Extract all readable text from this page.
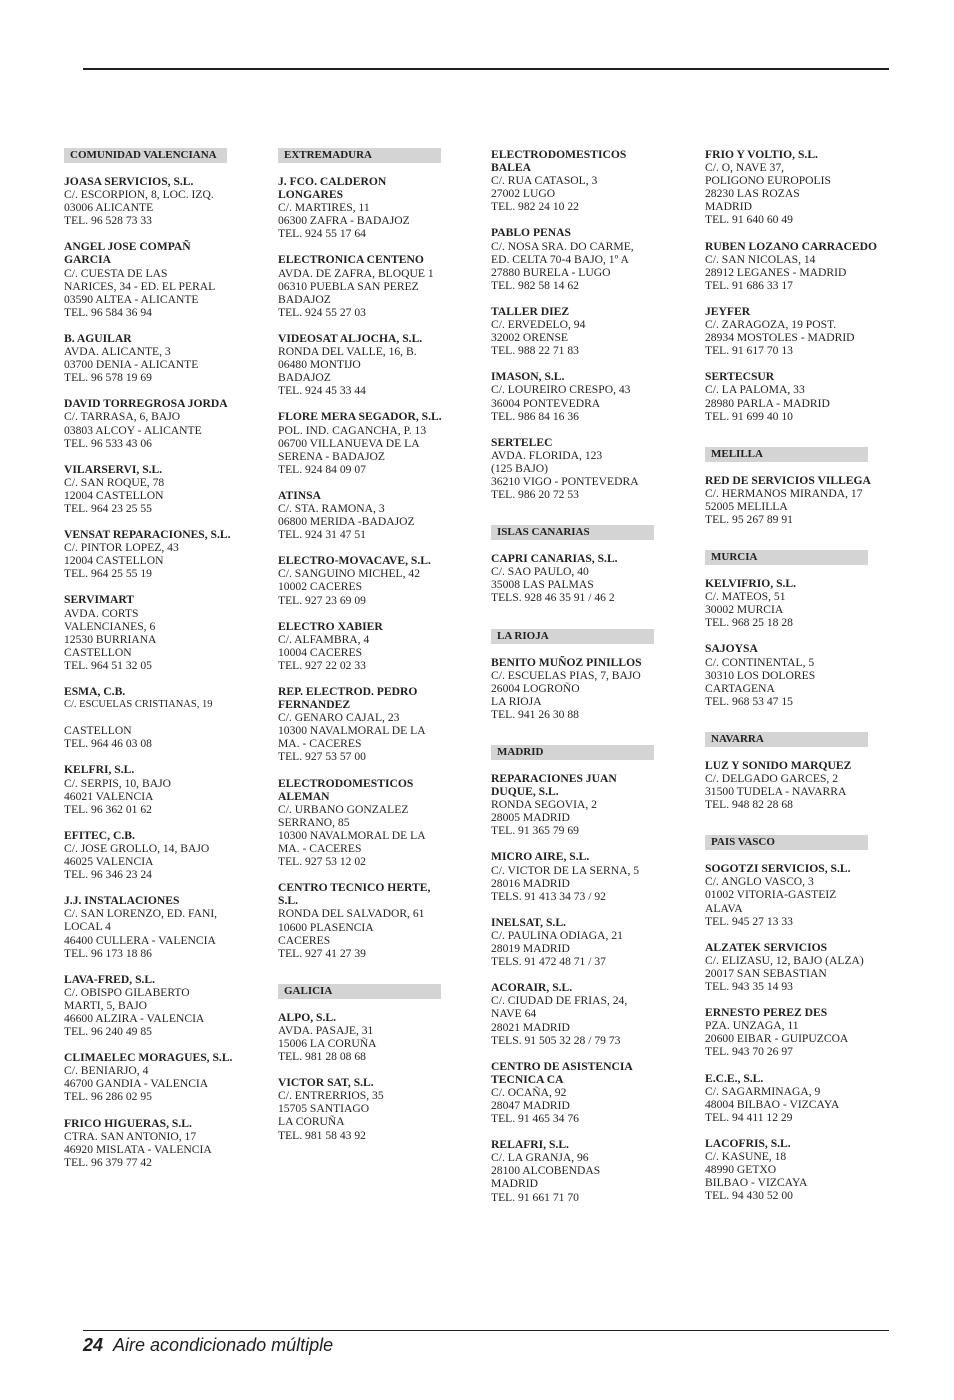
COMUNIDAD VALENCIANA
JOASA SERVICIOS, S.L.
C/. ESCORPION, 8, LOC. IZQ.
03006 ALICANTE
TEL. 96 528 73 33
ANGEL JOSE COMPAÑ GARCIA
C/. CUESTA DE LAS
NARICES, 34 - ED. EL PERAL
03590 ALTEA - ALICANTE
TEL. 96 584 36 94
B. AGUILAR
AVDA. ALICANTE, 3
03700 DENIA - ALICANTE
TEL. 96 578 19 69
DAVID TORREGROSA JORDA
C/. TARRASA, 6, BAJO
03803 ALCOY - ALICANTE
TEL. 96 533 43 06
VILARSERVI, S.L.
C/. SAN ROQUE, 78
12004 CASTELLON
TEL. 964 23 25 55
VENSAT REPARACIONES, S.L.
C/. PINTOR LOPEZ, 43
12004 CASTELLON
TEL. 964 25 55 19
SERVIMART
AVDA. CORTS
VALENCIANES, 6
12530 BURRIANA
CASTELLON
TEL. 964 51 32 05
ESMA, C.B.
C/. ESCUELAS CRISTIANAS, 19

CASTELLON
TEL. 964 46 03 08
KELFRI, S.L.
C/. SERPIS, 10, BAJO
46021 VALENCIA
TEL. 96 362 01 62
EFITEC, C.B.
C/. JOSE GROLLO, 14, BAJO
46025 VALENCIA
TEL. 96 346 23 24
J.J. INSTALACIONES
C/. SAN LORENZO, ED. FANI,
LOCAL 4
46400 CULLERA - VALENCIA
TEL. 96 173 18 86
LAVA-FRED, S.L.
C/. OBISPO GILABERTO
MARTI, 5, BAJO
46600 ALZIRA - VALENCIA
TEL. 96 240 49 85
CLIMAELEC MORAGUES, S.L.
C/. BENIARJO, 4
46700 GANDIA - VALENCIA
TEL. 96 286 02 95
FRICO HIGUERAS, S.L.
CTRA. SAN ANTONIO, 17
46920 MISLATA - VALENCIA
TEL. 96 379 77 42
EXTREMADURA
J. FCO. CALDERON LONGARES
C/. MARTIRES, 11
06300 ZAFRA - BADAJOZ
TEL. 924 55 17 64
ELECTRONICA CENTENO
AVDA. DE ZAFRA, BLOQUE 1
06310 PUEBLA SAN PEREZ
BADAJOZ
TEL. 924 55 27 03
VIDEOSAT ALJOCHA, S.L.
RONDA DEL VALLE, 16, B.
06480 MONTIJO
BADAJOZ
TEL. 924 45 33 44
FLORE MERA SEGADOR, S.L.
POL. IND. CAGANCHA, P. 13
06700 VILLANUEVA DE LA
SERENA - BADAJOZ
TEL. 924 84 09 07
ATINSA
C/. STA. RAMONA, 3
06800 MERIDA -BADAJOZ
TEL. 924 31 47 51
ELECTRO-MOVACAVE, S.L.
C/. SANGUINO MICHEL, 42
10002 CACERES
TEL. 927 23 69 09
ELECTRO XABIER
C/. ALFAMBRA, 4
10004 CACERES
TEL. 927 22 02 33
REP. ELECTROD. PEDRO FERNANDEZ
C/. GENARO CAJAL, 23
10300 NAVALMORAL DE LA
MA. - CACERES
TEL. 927 53 57 00
ELECTRODOMESTICOS ALEMAN
C/. URBANO GONZALEZ
SERRANO, 85
10300 NAVALMORAL DE LA
MA. - CACERES
TEL. 927 53 12 02
CENTRO TECNICO HERTE, S.L.
RONDA DEL SALVADOR, 61
10600 PLASENCIA
CACERES
TEL. 927 41 27 39
GALICIA
ALPO, S.L.
AVDA. PASAJE, 31
15006 LA CORUÑA
TEL. 981 28 08 68
VICTOR SAT, S.L.
C/. ENTRERRIOS, 35
15705 SANTIAGO
LA CORUÑA
TEL. 981 58 43 92
ELECTRODOMESTICOS BALEA
C/. RUA CATASOL, 3
27002 LUGO
TEL. 982 24 10 22
PABLO PENAS
C/. NOSA SRA. DO CARME,
ED. CELTA 70-4 BAJO, 1º A
27880 BURELA - LUGO
TEL. 982 58 14 62
TALLER DIEZ
C/. ERVEDELO, 94
32002 ORENSE
TEL. 988 22 71 83
IMASON, S.L.
C/. LOUREIRO CRESPO, 43
36004 PONTEVEDRA
TEL. 986 84 16 36
SERTELEC
AVDA. FLORIDA, 123
(125 BAJO)
36210 VIGO - PONTEVEDRA
TEL. 986 20 72 53
ISLAS CANARIAS
CAPRI CANARIAS, S.L.
C/. SAO PAULO, 40
35008 LAS PALMAS
TELS. 928 46 35 91 / 46 2
LA RIOJA
BENITO MUÑOZ PINILLOS
C/. ESCUELAS PIAS, 7, BAJO
26004 LOGROÑO
LA RIOJA
TEL. 941 26 30 88
MADRID
REPARACIONES JUAN DUQUE, S.L.
RONDA SEGOVIA, 2
28005 MADRID
TEL. 91 365 79 69
MICRO AIRE, S.L.
C/. VICTOR DE LA SERNA, 5
28016 MADRID
TELS. 91 413 34 73 / 92
INELSAT, S.L.
C/. PAULINA ODIAGA, 21
28019 MADRID
TELS. 91 472 48 71 / 37
ACORAIR, S.L.
C/. CIUDAD DE FRIAS, 24,
NAVE 64
28021 MADRID
TELS. 91 505 32 28 / 79 73
CENTRO DE ASISTENCIA TECNICA CA
C/. OCAÑA, 92
28047 MADRID
TEL. 91 465 34 76
RELAFRI, S.L.
C/. LA GRANJA, 96
28100 ALCOBENDAS
MADRID
TEL. 91 661 71 70
FRIO Y VOLTIO, S.L.
C/. O, NAVE 37,
POLIGONO EUROPOLIS
28230 LAS ROZAS
MADRID
TEL. 91 640 60 49
RUBEN LOZANO CARRACEDO
C/. SAN NICOLAS, 14
28912 LEGANES - MADRID
TEL. 91 686 33 17
JEYFER
C/. ZARAGOZA, 19 POST.
28934 MOSTOLES - MADRID
TEL. 91 617 70 13
SERTECSUR
C/. LA PALOMA, 33
28980 PARLA - MADRID
TEL. 91 699 40 10
MELILLA
RED DE SERVICIOS VILLEGA
C/. HERMANOS MIRANDA, 17
52005 MELILLA
TEL. 95 267 89 91
MURCIA
KELVIFRIO, S.L.
C/. MATEOS, 51
30002 MURCIA
TEL. 968 25 18 28
SAJOYSA
C/. CONTINENTAL, 5
30310 LOS DOLORES
CARTAGENA
TEL. 968 53 47 15
NAVARRA
LUZ Y SONIDO MARQUEZ
C/. DELGADO GARCES, 2
31500 TUDELA - NAVARRA
TEL. 948 82 28 68
PAIS VASCO
SOGOTZI SERVICIOS, S.L.
C/. ANGLO VASCO, 3
01002 VITORIA-GASTEIZ
ALAVA
TEL. 945 27 13 33
ALZATEK SERVICIOS
C/. ELIZASU, 12, BAJO (ALZA)
20017 SAN SEBASTIAN
TEL. 943 35 14 93
ERNESTO PEREZ DES
PZA. UNZAGA, 11
20600 EIBAR - GUIPUZCOA
TEL. 943 70 26 97
E.C.E., S.L.
C/. SAGARMINAGA, 9
48004 BILBAO - VIZCAYA
TEL. 94 411 12 29
LACOFRIS, S.L.
C/. KASUNE, 18
48990 GETXO
BILBAO - VIZCAYA
TEL. 94 430 52 00
24 Aire acondicionado múltiple
